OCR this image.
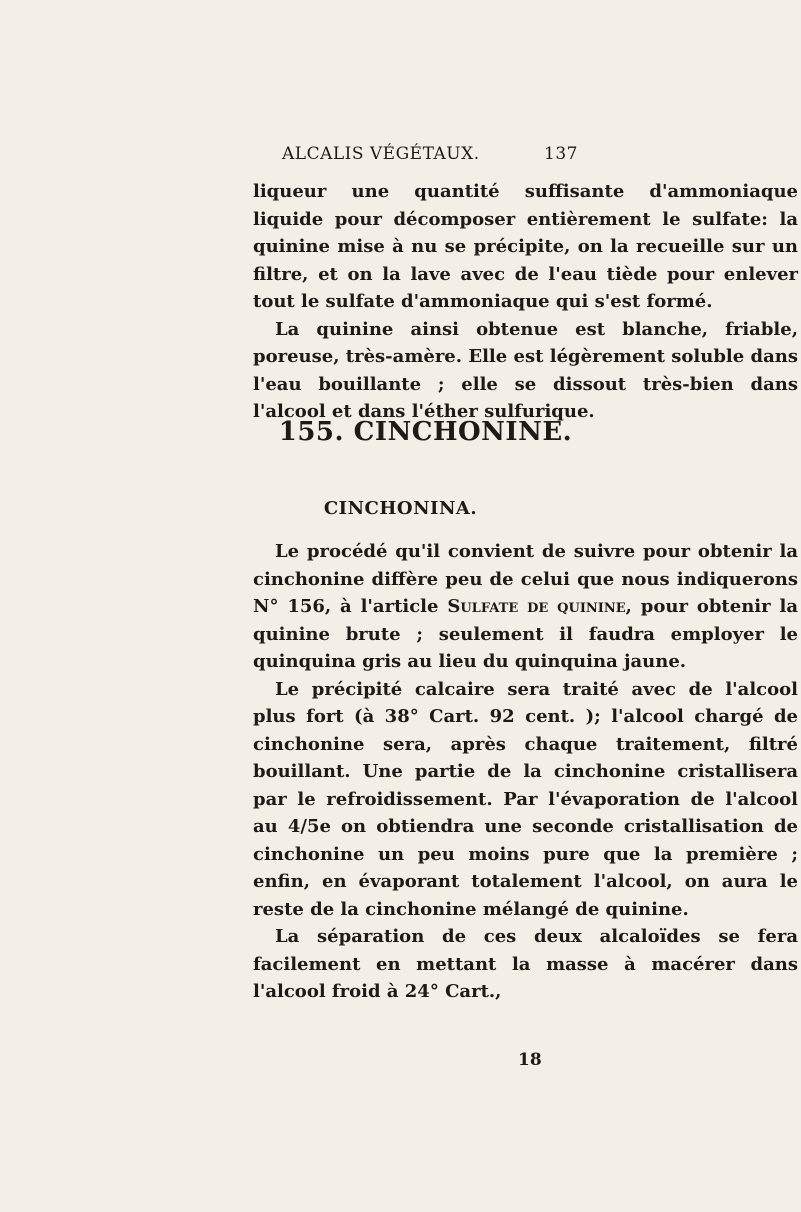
ALCALIS VÉGÉTAUX.	137

liqueur une quantité suffisante d'ammoniaque liquide pour décomposer entièrement le sulfate: la quinine mise à nu se précipite, on la recueille sur un filtre, et on la lave avec de l'eau tiède pour enlever tout le sulfate d'ammoniaque qui s'est formé.

La quinine ainsi obtenue est blanche, friable, poreuse, très-amère. Elle est légèrement soluble dans l'eau bouillante ; elle se dissout très-bien dans l'alcool et dans l'éther sulfurique.

155. CINCHONINE.
CINCHONINA.

Le procédé qu'il convient de suivre pour obtenir la cinchonine diffère peu de celui que nous indiquerons N° 156, à l'article Sulfate de quinine, pour obtenir la quinine brute ; seulement il faudra employer le quinquina gris au lieu du quinquina jaune.

Le précipité calcaire sera traité avec de l'alcool plus fort (à 38° Cart. 92 cent. ); l'alcool chargé de cinchonine sera, après chaque traitement, filtré bouillant. Une partie de la cinchonine cristallisera par le refroidissement. Par l'évaporation de l'alcool au 4/5e on obtiendra une seconde cristallisation de cinchonine un peu moins pure que la première ; enfin, en évaporant totalement l'alcool, on aura le reste de la cinchonine mélangé de quinine.

La séparation de ces deux alcaloïdes se fera facilement en mettant la masse à macérer dans l'alcool froid à 24° Cart.,

18
